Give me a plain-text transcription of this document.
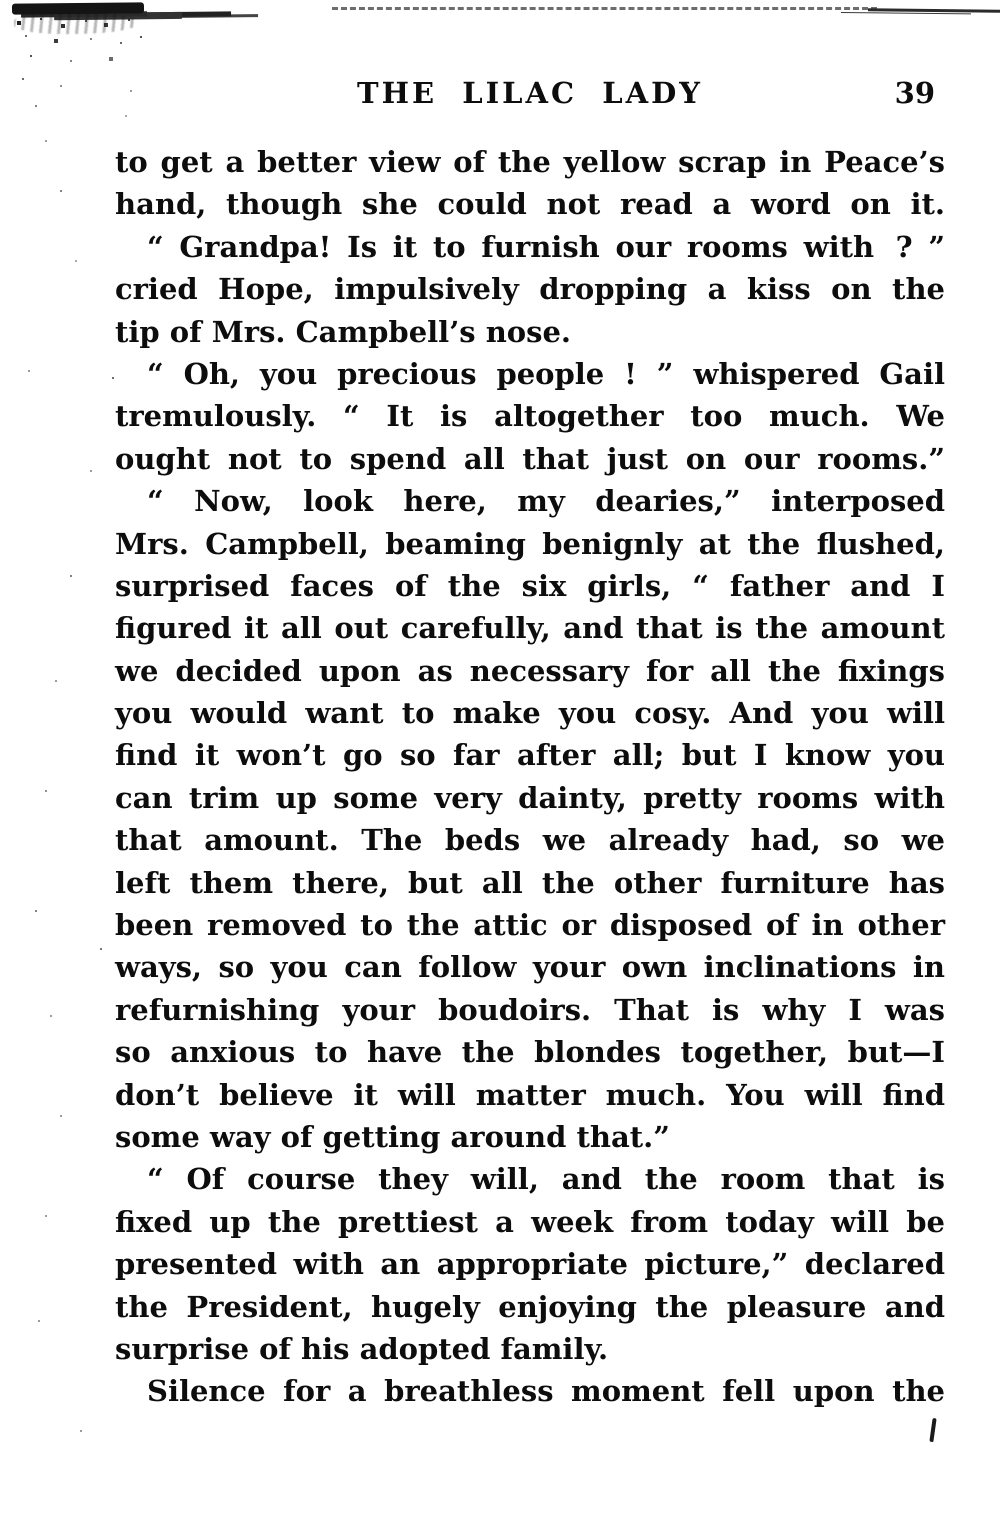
THE LILAC LADY	39
to get a better view of the yellow scrap in Peace’s
hand, though she could not read a word on it.
“ Grandpa! Is it to furnish our rooms with  ? ”
cried Hope, impulsively dropping a kiss on the
tip of Mrs. Campbell’s nose.
“ Oh, you precious people ! ” whispered Gail
tremulously. “ It is altogether too much. We
ought not to spend all that just on our rooms.”
“ Now, look here, my dearies,” interposed
Mrs. Campbell, beaming benignly at the flushed,
surprised faces of the six girls, “ father and I
figured it all out carefully, and that is the amount
we decided upon as necessary for all the fixings
you would want to make you cosy. And you will
find it won’t go so far after all; but I know you
can trim up some very dainty, pretty rooms with
that amount. The beds we already had, so we
left them there, but all the other furniture has
been removed to the attic or disposed of in other
ways, so you can follow your own inclinations in
refurnishing your boudoirs. That is why I was
so anxious to have the blondes together, but—I
don’t believe it will matter much. You will find
some way of getting around that.”
“ Of course they will, and the room that is
fixed up the prettiest a week from today will be
presented with an appropriate picture,” declared
the President, hugely enjoying the pleasure and
surprise of his adopted family.
Silence for a breathless moment fell upon the
